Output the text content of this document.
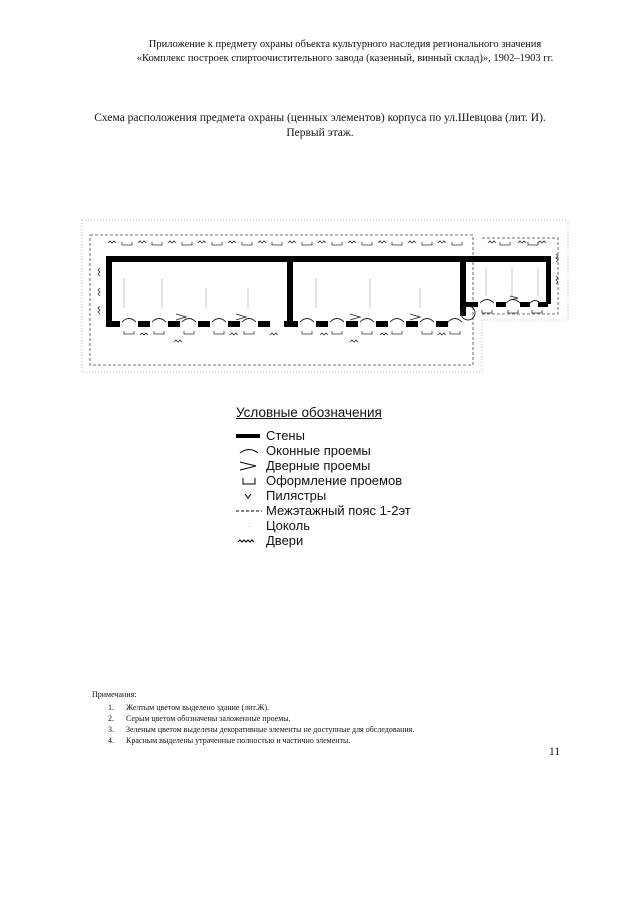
Приложение к предмету охраны объекта культурного наследия регионального значения
«Комплекс построек спиртоочистительного завода (казенный, винный склад)», 1902–1903 гг.
Схема расположения предмета охраны (ценных элементов) корпуса по ул.Шевцова (лит. И).
Первый этаж.
Условные обозначения
Стены
Оконные проемы
Дверные проемы
Оформление проемов
Пилястры
Межэтажный пояс 1-2эт
Цоколь
Двери
Примечания:
1. Желтым цветом выделено здание (лит.Ж).
2. Серым цветом обозначены заложенные проемы.
3. Зеленым цветом выделены декоративные элементы не доступные для обследования.
4. Красным выделены утраченные полностью и частично элементы.
11
